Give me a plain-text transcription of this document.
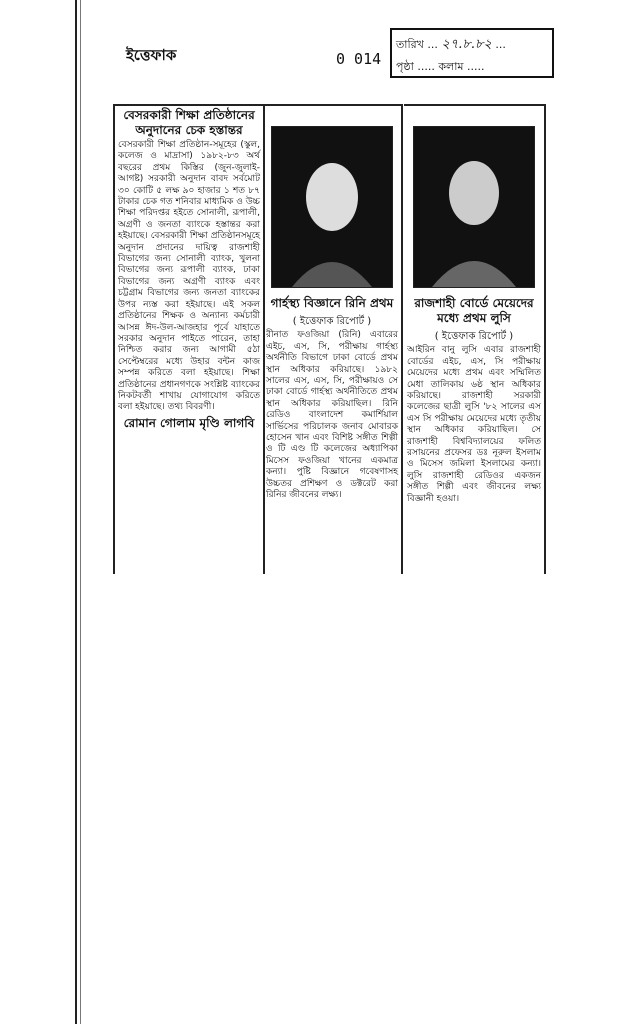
ইত্তেফাক	0 014
তারিখ ... ২৭.৮.৮২ ...
পৃষ্ঠা ..... কলাম .....
বেসরকারী শিক্ষা প্রতিষ্ঠানের অনুদানের চেক হস্তান্তর
বেসরকারী শিক্ষা প্রতিষ্ঠান-সমূহের (স্কুল, কলেজ ও মাদ্রাসা) ১৯৮২-৮৩ অর্থ বছরের প্রথম কিস্তির (জুন-জুলাই-আগষ্ট) সরকারী অনুদান বাবদ সর্বমোট ৩০ কোটি ৫ লক্ষ ৯০ হাজার ১ শত ৮৭ টাকার চেক গত শনিবার মাধ্যমিক ও উচ্চ শিক্ষা পরিদপ্তর হইতে সোনালী, রূপালী, অগ্রণী ও জনতা ব্যাংকে হস্তান্তর করা হইয়াছে। বেসরকারী শিক্ষা প্রতিষ্ঠানসমূহে অনুদান প্রদানের দায়িত্ব রাজশাহী বিভাগের জন্য সোনালী ব্যাংক, খুলনা বিভাগের জন্য রূপালী ব্যাংক, ঢাকা বিভাগের জন্য অগ্রণী ব্যাংক এবং চট্টগ্রাম বিভাগের জন্য জনতা ব্যাংকের উপর ন্যস্ত করা হইয়াছে। এই সকল প্রতিষ্ঠানের শিক্ষক ও অন্যান্য কর্মচারী আসন্ন ঈদ-উল-আজহার পূর্বে যাহাতে সরকার অনুদান পাইতে পারেন, তাহা নিশ্চিত করার জন্য আগামী ৫ঠা সেপ্টেম্বরের মধ্যে উহার বন্টন কাজ সম্পন্ন করিতে বলা হইয়াছে। শিক্ষা প্রতিষ্ঠানের প্রধানগণকে সংশ্লিষ্ট ব্যাংকের নিকটবর্তী শাখায় যোগাযোগ করিতে বলা হইয়াছে। তথ্য বিবরণী।
রোমান গোলাম মৃণ্ডি লাগবি
গার্হস্থ্য বিজ্ঞানে রিনি প্রথম
( ইত্তেফাক রিপোর্ট )
রীনাত ফওজিয়া (রিনি) এবারের এইচ, এস, সি, পরীক্ষায় গার্হস্থ্য অর্থনীতি বিভাগে ঢাকা বোর্ডে প্রথম স্থান অধিকার করিয়াছে। ১৯৮২ সালের এস, এস, সি, পরীক্ষায়ও সে ঢাকা বোর্ডে গার্হস্থ্য অর্থনীতিতে প্রথম স্থান অধিকার করিয়াছিল। রিনি রেডিও বাংলাদেশ কমার্শিয়াল সার্ভিসের পরিচালক জনাব মোবারক হোসেন খান এবং বিশিষ্ট সঙ্গীত শিল্পী ও টি এণ্ড টি কলেজের অধ্যাপিকা মিসেস ফওজিয়া খানের একমাত্র কন্যা। পুষ্টি বিজ্ঞানে গবেষণাসহ উচ্চতর প্রশিক্ষণ ও ডক্টরেট করা রিনির জীবনের লক্ষ্য।
রাজশাহী বোর্ডে মেয়েদের মধ্যে প্রথম লুসি
( ইত্তেফাক রিপোর্ট )
আইরিন বানু লুসি এবার রাজশাহী বোর্ডের এইচ, এস, সি পরীক্ষায় মেয়েদের মধ্যে প্রথম এবং সম্মিলিত মেধা তালিকায় ৬ষ্ঠ স্থান অধিকার করিয়াছে। রাজশাহী সরকারী কলেজের ছাত্রী লুসি '৮২ সালের এস এস সি পরীক্ষায় মেয়েদের মধ্যে তৃতীয় স্থান অধিকার করিয়াছিল। সে রাজশাহী বিশ্ববিদ্যালয়ের ফলিত রসায়নের প্রফেসর ডঃ নূরুল ইসলাম ও মিসেস জমিলা ইসলামের কন্যা। লুসি রাজশাহী রেডিওর একজন সঙ্গীত শিল্পী এবং জীবনের লক্ষ্য বিজ্ঞানী হওয়া।
